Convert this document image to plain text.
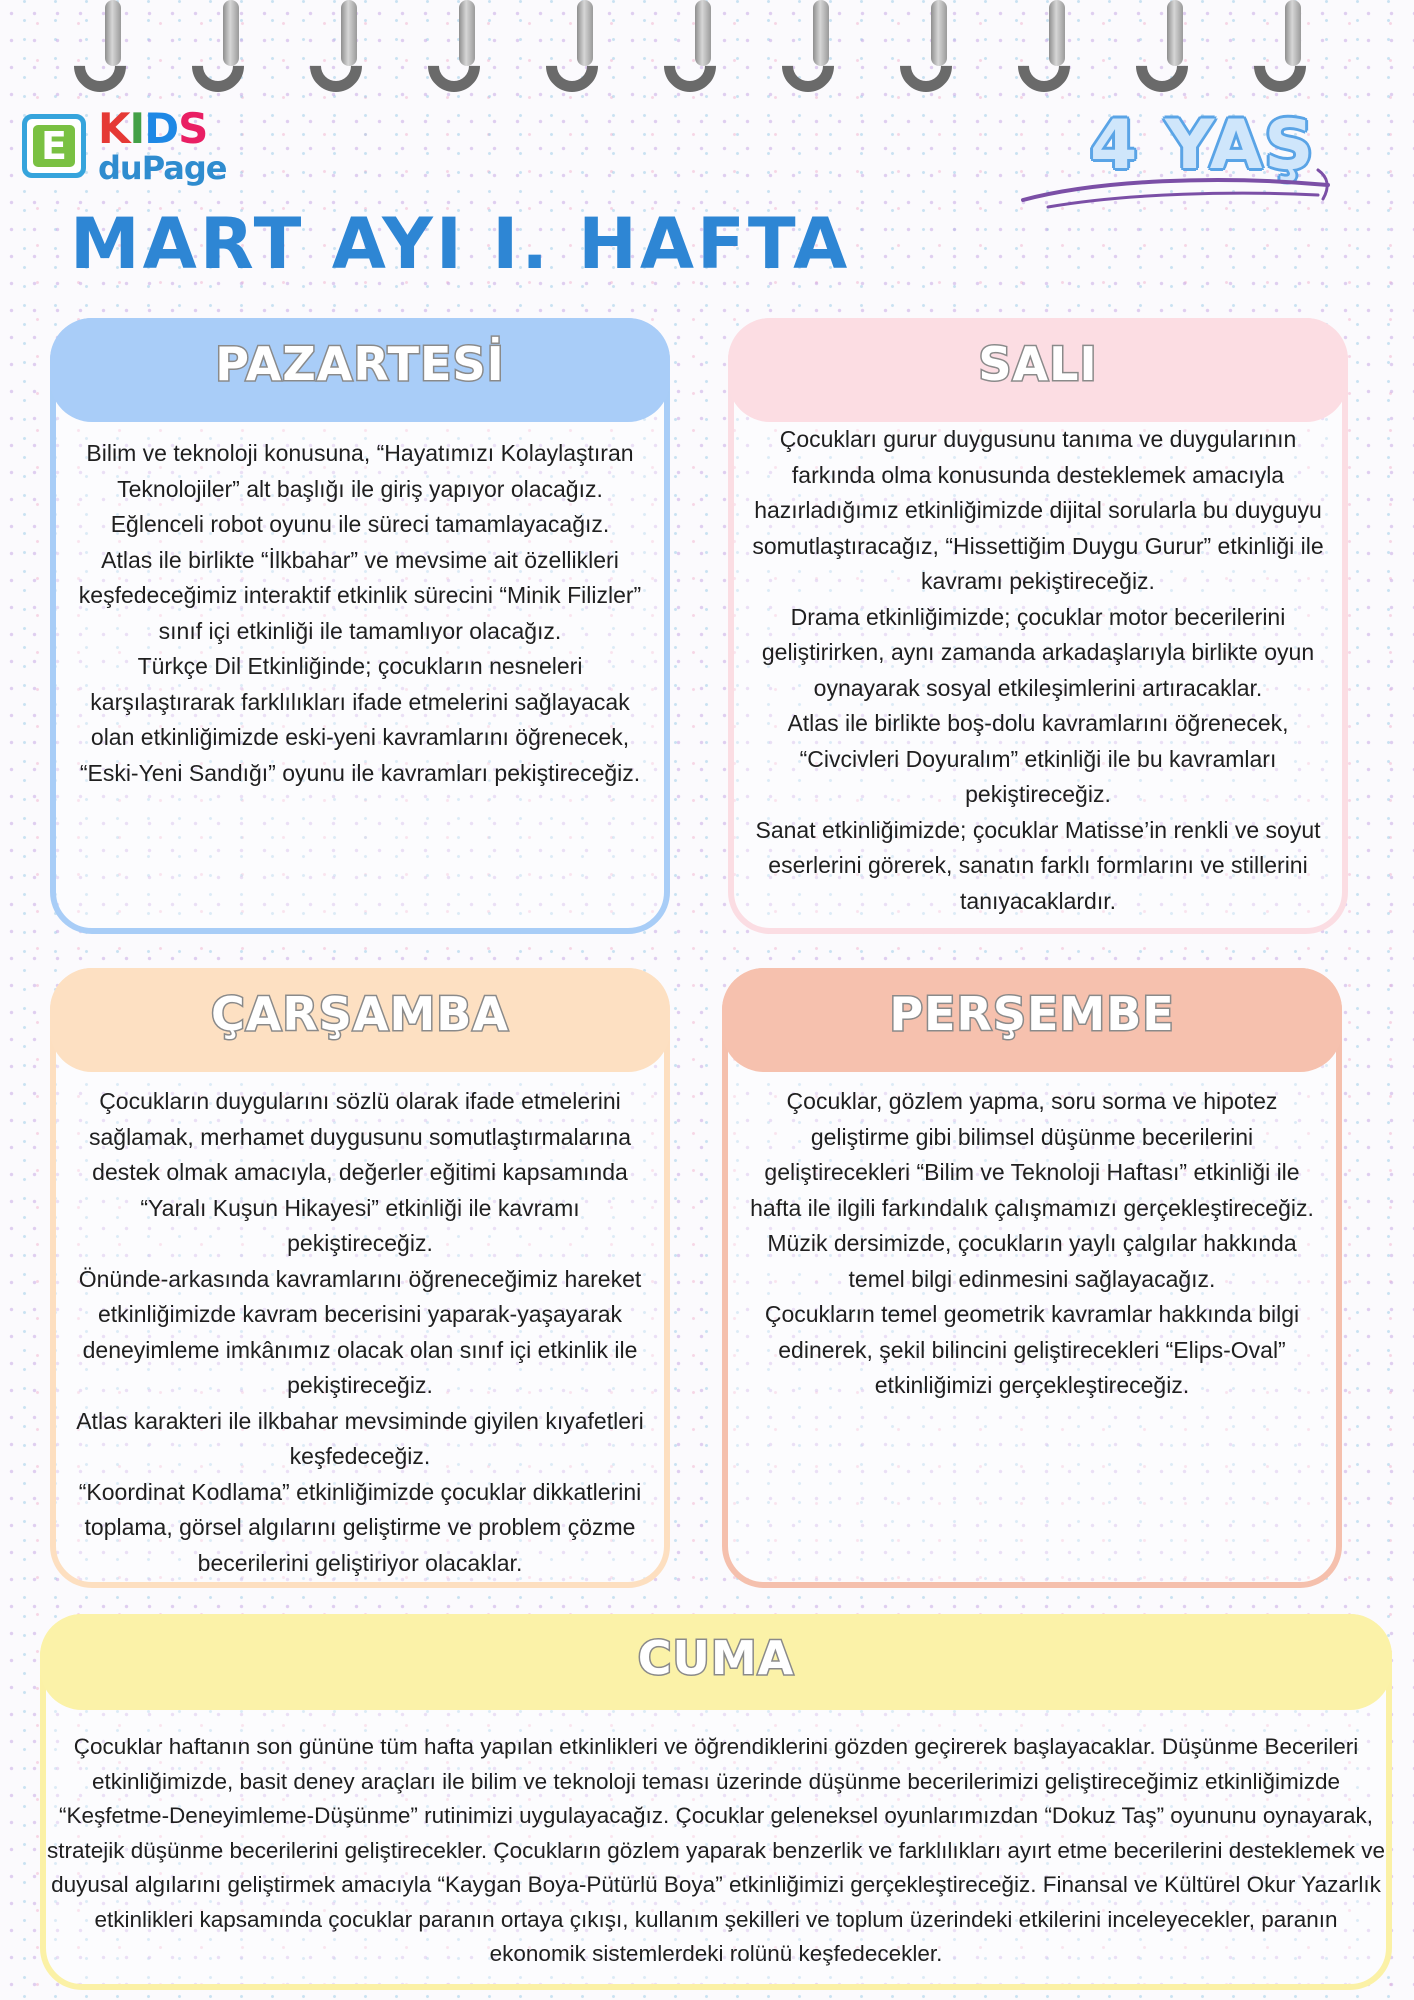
E KIDS
duPage	4 YAŞ
MART AYI I. HAFTA
PAZARTESİ

Bilim ve teknoloji konusuna, “Hayatımızı Kolaylaştıran Teknolojiler” alt başlığı ile giriş yapıyor olacağız. Eğlenceli robot oyunu ile süreci tamamlayacağız.

Atlas ile birlikte “İlkbahar” ve mevsime ait özellikleri keşfedeceğimiz interaktif etkinlik sürecini “Minik Filizler” sınıf içi etkinliği ile tamamlıyor olacağız.

Türkçe Dil Etkinliğinde; çocukların nesneleri karşılaştırarak farklılıkları ifade etmelerini sağlayacak olan etkinliğimizde eski-yeni kavramlarını öğrenecek, “Eski-Yeni Sandığı” oyunu ile kavramları pekiştireceğiz.

SALI

Çocukları gurur duygusunu tanıma ve duygularının farkında olma konusunda desteklemek amacıyla hazırladığımız etkinliğimizde dijital sorularla bu duyguyu somutlaştıracağız, “Hissettiğim Duygu Gurur” etkinliği ile kavramı pekiştireceğiz.

Drama etkinliğimizde; çocuklar motor becerilerini geliştirirken, aynı zamanda arkadaşlarıyla birlikte oyun oynayarak sosyal etkileşimlerini artıracaklar.

Atlas ile birlikte boş-dolu kavramlarını öğrenecek, “Civcivleri Doyuralım” etkinliği ile bu kavramları pekiştireceğiz.

Sanat etkinliğimizde; çocuklar Matisse’in renkli ve soyut eserlerini görerek, sanatın farklı formlarını ve stillerini tanıyacaklardır.

ÇARŞAMBA

Çocukların duygularını sözlü olarak ifade etmelerini sağlamak, merhamet duygusunu somutlaştırmalarına destek olmak amacıyla, değerler eğitimi kapsamında “Yaralı Kuşun Hikayesi” etkinliği ile kavramı pekiştireceğiz.

Önünde-arkasında kavramlarını öğreneceğimiz hareket etkinliğimizde kavram becerisini yaparak-yaşayarak deneyimleme imkânımız olacak olan sınıf içi etkinlik ile pekiştireceğiz.

Atlas karakteri ile ilkbahar mevsiminde giyilen kıyafetleri keşfedeceğiz.

“Koordinat Kodlama” etkinliğimizde çocuklar dikkatlerini toplama, görsel algılarını geliştirme ve problem çözme becerilerini geliştiriyor olacaklar.

PERŞEMBE

Çocuklar, gözlem yapma, soru sorma ve hipotez geliştirme gibi bilimsel düşünme becerilerini geliştirecekleri “Bilim ve Teknoloji Haftası” etkinliği ile hafta ile ilgili farkındalık çalışmamızı gerçekleştireceğiz.

Müzik dersimizde, çocukların yaylı çalgılar hakkında temel bilgi edinmesini sağlayacağız.

Çocukların temel geometrik kavramlar hakkında bilgi edinerek, şekil bilincini geliştirecekleri “Elips-Oval” etkinliğimizi gerçekleştireceğiz.

CUMA

Çocuklar haftanın son gününe tüm hafta yapılan etkinlikleri ve öğrendiklerini gözden geçirerek başlayacaklar. Düşünme Becerileri etkinliğimizde, basit deney araçları ile bilim ve teknoloji teması üzerinde düşünme becerilerimizi geliştireceğimiz etkinliğimizde “Keşfetme-Deneyimleme-Düşünme” rutinimizi uygulayacağız. Çocuklar geleneksel oyunlarımızdan “Dokuz Taş” oyununu oynayarak, stratejik düşünme becerilerini geliştirecekler. Çocukların gözlem yaparak benzerlik ve farklılıkları ayırt etme becerilerini desteklemek ve duyusal algılarını geliştirmek amacıyla “Kaygan Boya-Pütürlü Boya” etkinliğimizi gerçekleştireceğiz. Finansal ve Kültürel Okur Yazarlık etkinlikleri kapsamında çocuklar paranın ortaya çıkışı, kullanım şekilleri ve toplum üzerindeki etkilerini inceleyecekler, paranın ekonomik sistemlerdeki rolünü keşfedecekler.
